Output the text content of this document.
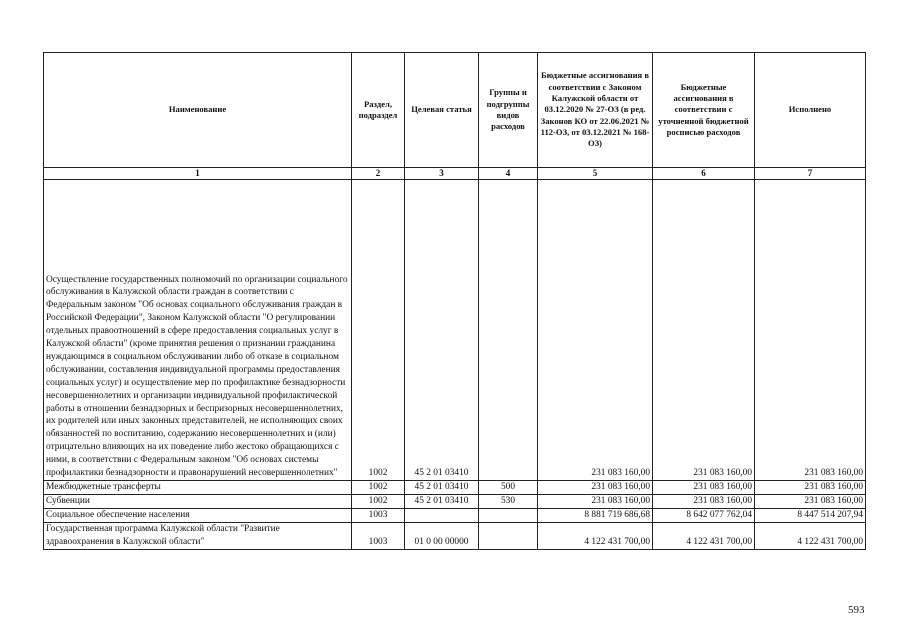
Наименование	Раздел, подраздел	Целевая статья	Группы и подгруппы видов расходов	Бюджетные ассигнования в соответствии с Законом Калужской области от 03.12.2020 № 27-ОЗ (в ред. Законов КО от 22.06.2021 № 112-ОЗ, от 03.12.2021 № 168-ОЗ)	Бюджетные ассигнования в соответствии с уточненной бюджетной росписью расходов	Исполнено
1	2	3	4	5	6	7
Осуществление государственных полномочий по организации социального обслуживания в Калужской области граждан в соответствии с Федеральным законом "Об основах социального обслуживания граждан в Российской Федерации", Законом Калужской области "О регулировании отдельных правоотношений в сфере предоставления социальных услуг в Калужской области" (кроме принятия решения о признании гражданина нуждающимся в социальном обслуживании либо об отказе в социальном обслуживании, составления индивидуальной программы предоставления социальных услуг) и осуществление мер по профилактике безнадзорности несовершеннолетних и организации индивидуальной профилактической работы в отношении безнадзорных и беспризорных несовершеннолетних, их родителей или иных законных представителей, не исполняющих своих обязанностей по воспитанию, содержанию несовершеннолетних и (или) отрицательно влияющих на их поведение либо жестоко обращающихся с ними, в соответствии с Федеральным законом "Об основах системы профилактики безнадзорности и правонарушений несовершеннолетних"	1002	45 2 01 03410		231 083 160,00	231 083 160,00	231 083 160,00
Межбюджетные трансферты	1002	45 2 01 03410	500	231 083 160,00	231 083 160,00	231 083 160,00
Субвенции	1002	45 2 01 03410	530	231 083 160,00	231 083 160,00	231 083 160,00
Социальное обеспечение населения	1003			8 881 719 686,68	8 642 077 762,04	8 447 514 207,94
Государственная программа Калужской области "Развитие здравоохранения в Калужской области"	1003	01 0 00 00000		4 122 431 700,00	4 122 431 700,00	4 122 431 700,00
593
